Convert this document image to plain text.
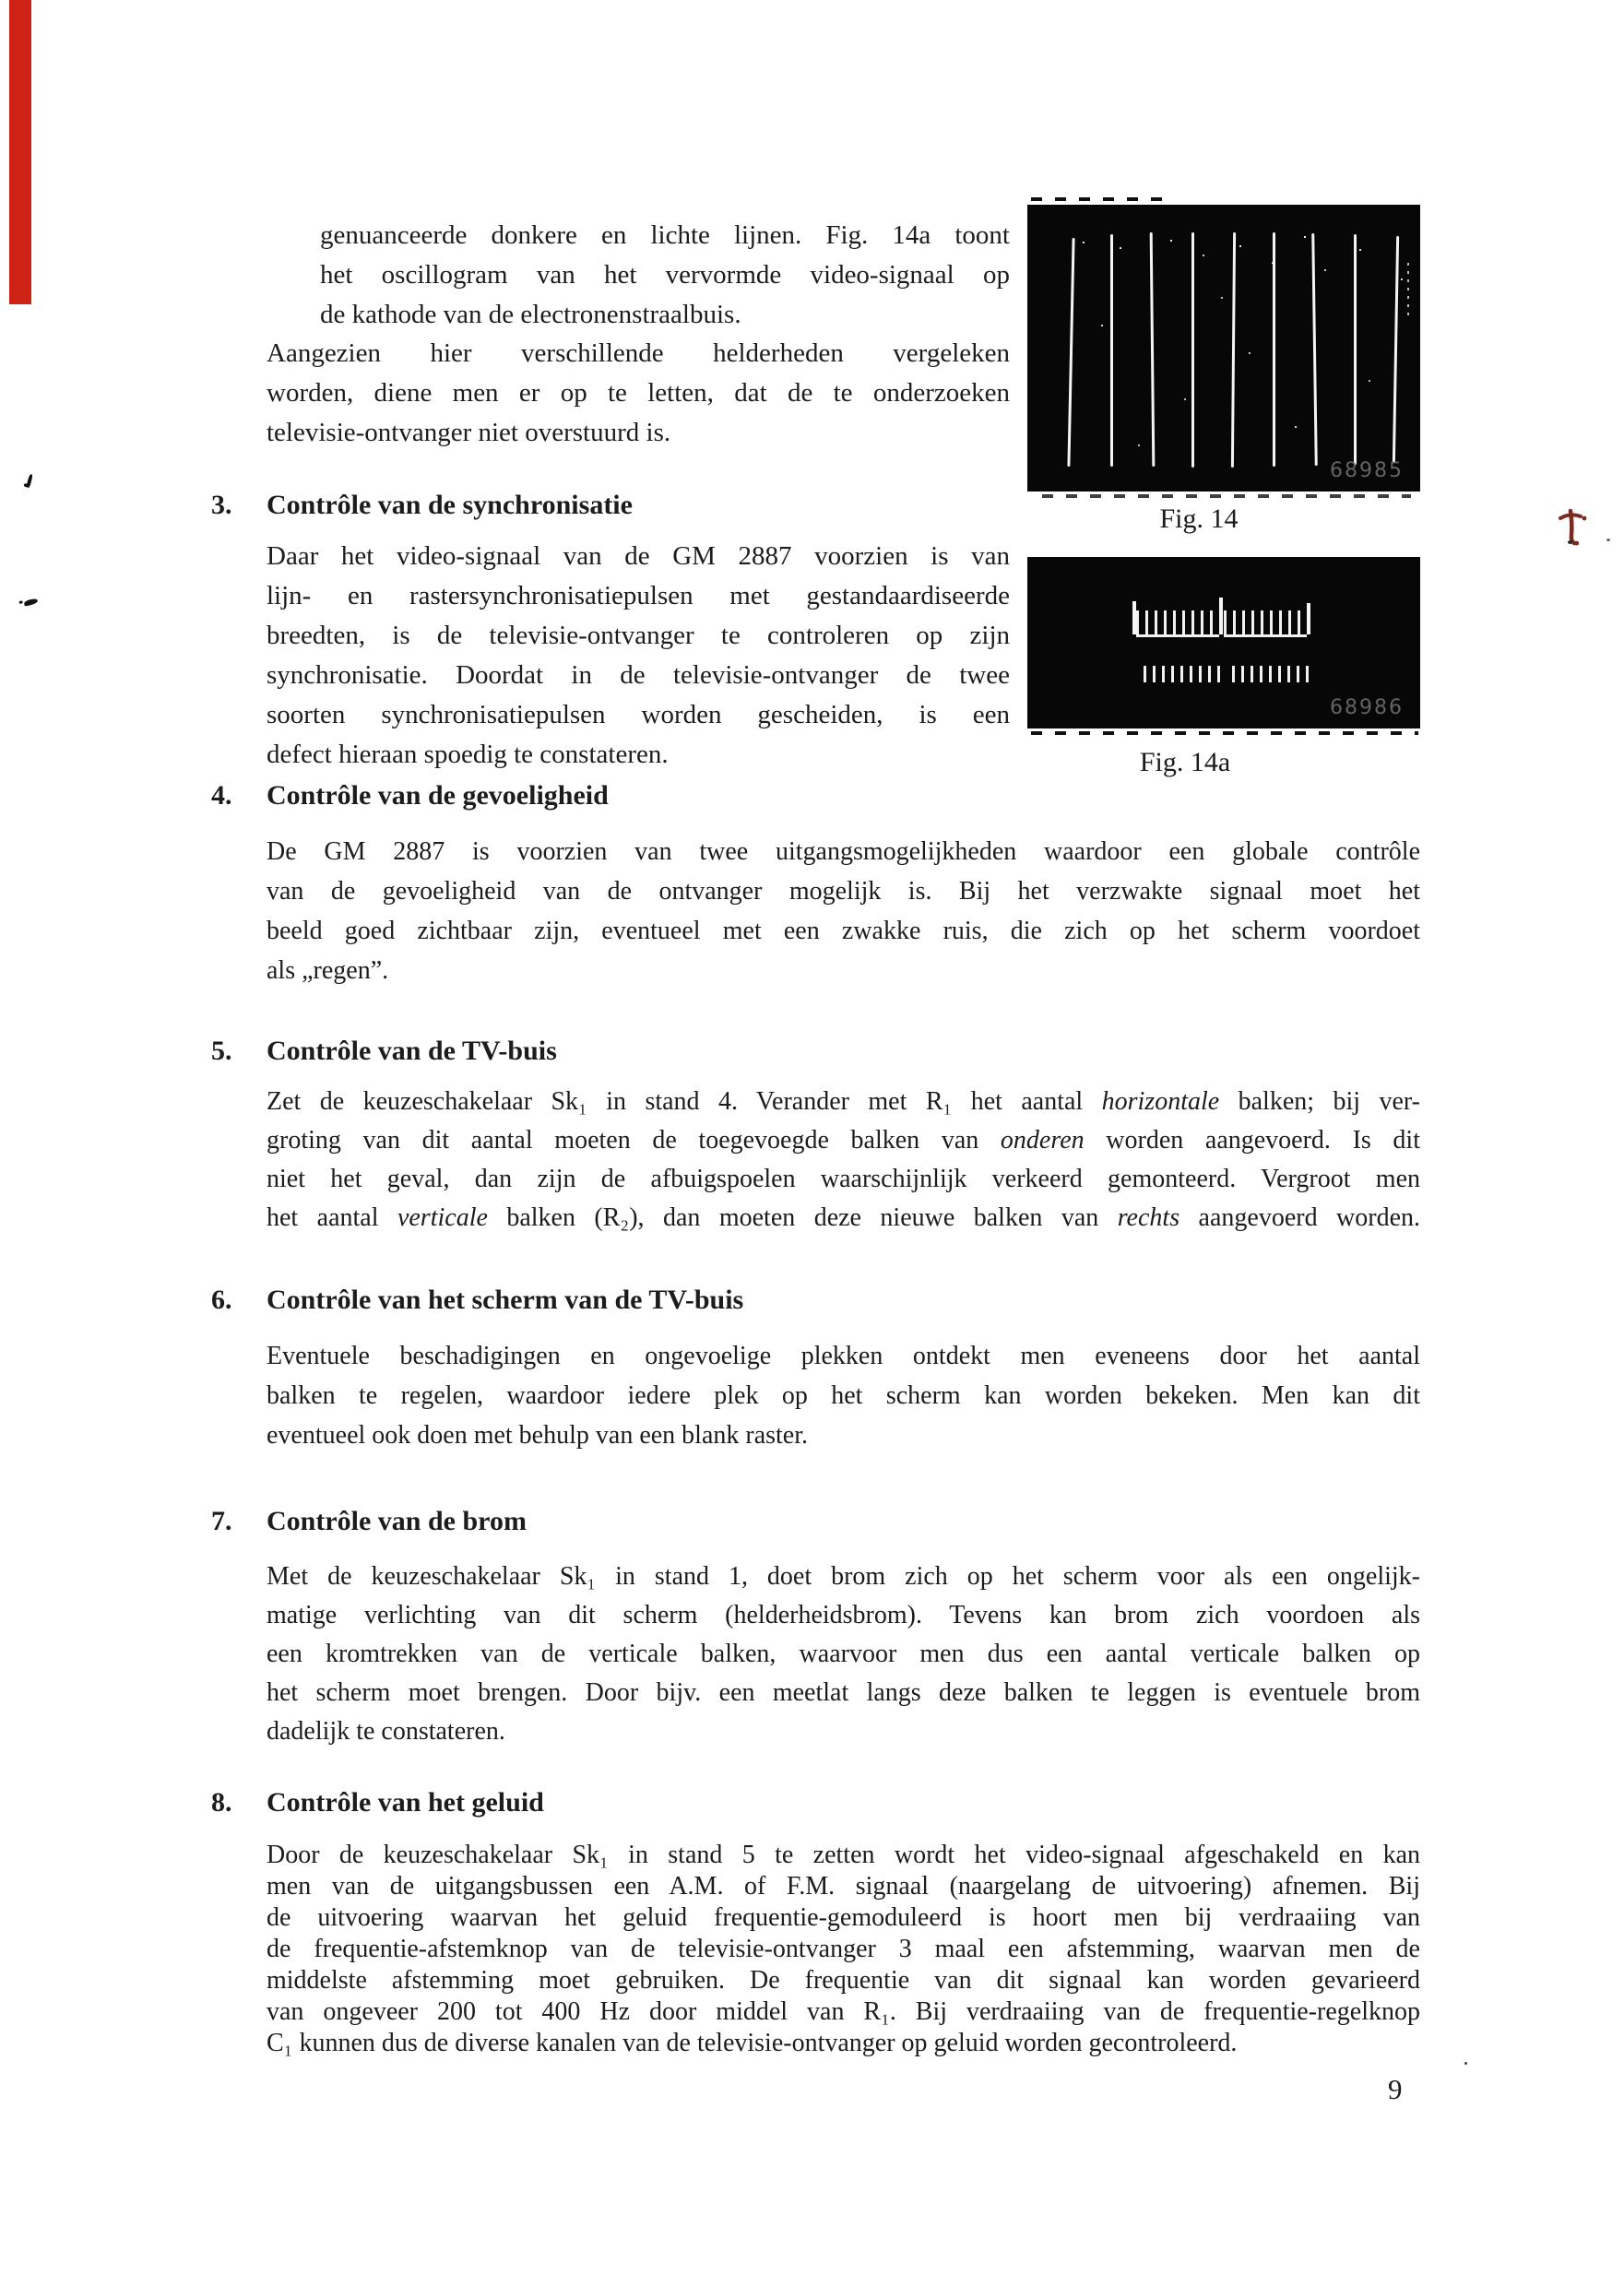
genuanceerde donkere en lichte lijnen. Fig. 14a toont
het oscillogram van het vervormde video-signaal op
de kathode van de electronenstraalbuis.
Aangezien hier verschillende helderheden vergeleken
worden, diene men er op te letten, dat de te onderzoeken
televisie-ontvanger niet overstuurd is.
3. Contrôle van de synchronisatie
Daar het video-signaal van de GM 2887 voorzien is van
lijn- en rastersynchronisatiepulsen met gestandaardiseerde
breedten, is de televisie-ontvanger te controleren op zijn
synchronisatie. Doordat in de televisie-ontvanger de twee
soorten synchronisatiepulsen worden gescheiden, is een
defect hieraan spoedig te constateren.
68985
Fig. 14
68986
Fig. 14a
4. Contrôle van de gevoeligheid
De GM 2887 is voorzien van twee uitgangsmogelijkheden waardoor een globale contrôle
van de gevoeligheid van de ontvanger mogelijk is. Bij het verzwakte signaal moet het
beeld goed zichtbaar zijn, eventueel met een zwakke ruis, die zich op het scherm voordoet
als „regen”.
5. Contrôle van de TV-buis
Zet de keuzeschakelaar Sk₁ in stand 4. Verander met R₁ het aantal horizontale balken; bij ver-
groting van dit aantal moeten de toegevoegde balken van onderen worden aangevoerd. Is dit
niet het geval, dan zijn de afbuigspoelen waarschijnlijk verkeerd gemonteerd. Vergroot men
het aantal verticale balken (R₂), dan moeten deze nieuwe balken van rechts aangevoerd worden.
6. Contrôle van het scherm van de TV-buis
Eventuele beschadigingen en ongevoelige plekken ontdekt men eveneens door het aantal
balken te regelen, waardoor iedere plek op het scherm kan worden bekeken. Men kan dit
eventueel ook doen met behulp van een blank raster.
7. Contrôle van de brom
Met de keuzeschakelaar Sk₁ in stand 1, doet brom zich op het scherm voor als een ongelijk-
matige verlichting van dit scherm (helderheidsbrom). Tevens kan brom zich voordoen als
een kromtrekken van de verticale balken, waarvoor men dus een aantal verticale balken op
het scherm moet brengen. Door bijv. een meetlat langs deze balken te leggen is eventuele brom
dadelijk te constateren.
8. Contrôle van het geluid
Door de keuzeschakelaar Sk₁ in stand 5 te zetten wordt het video-signaal afgeschakeld en kan
men van de uitgangsbussen een A.M. of F.M. signaal (naargelang de uitvoering) afnemen. Bij
de uitvoering waarvan het geluid frequentie-gemoduleerd is hoort men bij verdraaiing van
de frequentie-afstemknop van de televisie-ontvanger 3 maal een afstemming, waarvan men de
middelste afstemming moet gebruiken. De frequentie van dit signaal kan worden gevarieerd
van ongeveer 200 tot 400 Hz door middel van R₁. Bij verdraaiing van de frequentie-regelknop
C₁ kunnen dus de diverse kanalen van de televisie-ontvanger op geluid worden gecontroleerd.
9
